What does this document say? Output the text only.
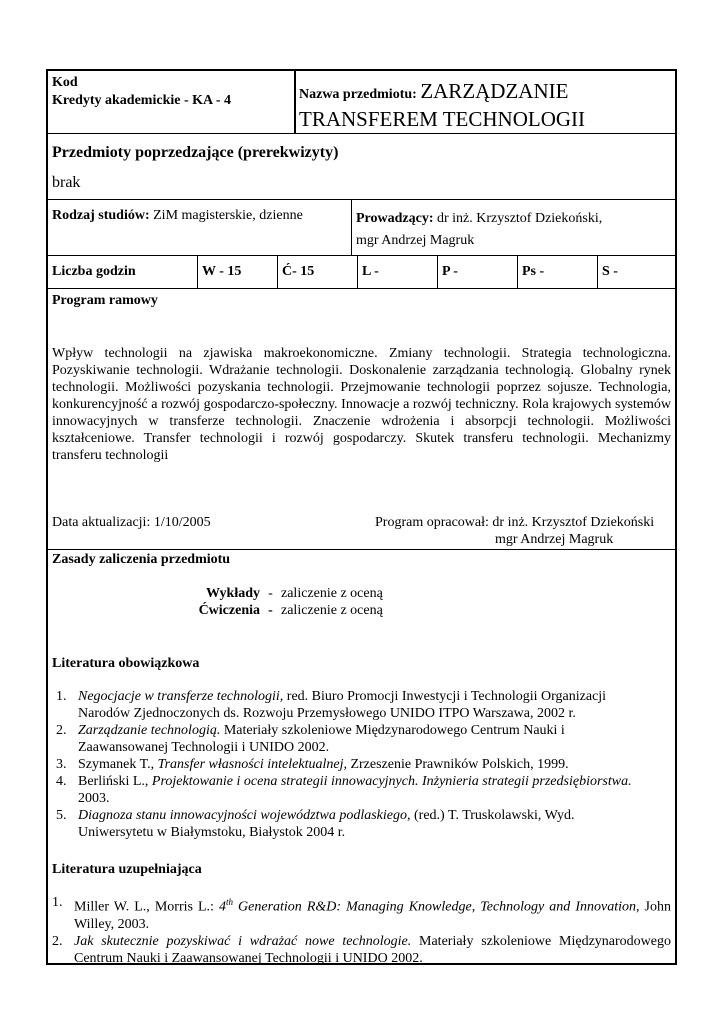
Kod
Kredyty akademickie - KA - 4	Nazwa przedmiotu: ZARZĄDZANIE
TRANSFEREM TECHNOLOGII
Przedmioty poprzedzające (prerekwizyty)
brak
Rodzaj studiów: ZiM magisterskie, dzienne	Prowadzący: dr inż. Krzysztof Dziekoński,
mgr Andrzej Magruk
Liczba godzin	W - 15	Ć- 15	L -	P -	Ps -	S -
Program ramowy
Wpływ technologii na zjawiska makroekonomiczne. Zmiany technologii. Strategia technologiczna. Pozyskiwanie technologii. Wdrażanie technologii. Doskonalenie zarządzania technologią. Globalny rynek technologii. Możliwości pozyskania technologii. Przejmowanie technologii poprzez sojusze. Technologia, konkurencyjność a rozwój gospodarczo-społeczny. Innowacje a rozwój techniczny. Rola krajowych systemów innowacyjnych w transferze technologii. Znaczenie wdrożenia i absorpcji technologii. Możliwości kształceniowe. Transfer technologii i rozwój gospodarczy. Skutek transferu technologii. Mechanizmy transferu technologii
Data aktualizacji: 1/10/2005	Program opracował: dr inż. Krzysztof Dziekoński
mgr Andrzej Magruk
Zasady zaliczenia przedmiotu
Wykłady - zaliczenie z oceną
Ćwiczenia - zaliczenie z oceną
Literatura obowiązkowa
1. Negocjacje w transferze technologii, red. Biuro Promocji Inwestycji i Technologii Organizacji Narodów Zjednoczonych ds. Rozwoju Przemysłowego UNIDO ITPO Warszawa, 2002 r.
2. Zarządzanie technologią. Materiały szkoleniowe Międzynarodowego Centrum Nauki i Zaawansowanej Technologii i UNIDO 2002.
3. Szymanek T., Transfer własności intelektualnej, Zrzeszenie Prawników Polskich, 1999.
4. Berliński L., Projektowanie i ocena strategii innowacyjnych. Inżynieria strategii przedsiębiorstwa. 2003.
5. Diagnoza stanu innowacyjności województwa podlaskiego, (red.) T. Truskolawski, Wyd. Uniwersytetu w Białymstoku, Białystok 2004 r.
Literatura uzupełniająca
1. Miller W. L., Morris L.: 4th Generation R&D: Managing Knowledge, Technology and Innovation, John Willey, 2003.
2. Jak skutecznie pozyskiwać i wdrażać nowe technologie. Materiały szkoleniowe Międzynarodowego Centrum Nauki i Zaawansowanej Technologii i UNIDO 2002.
